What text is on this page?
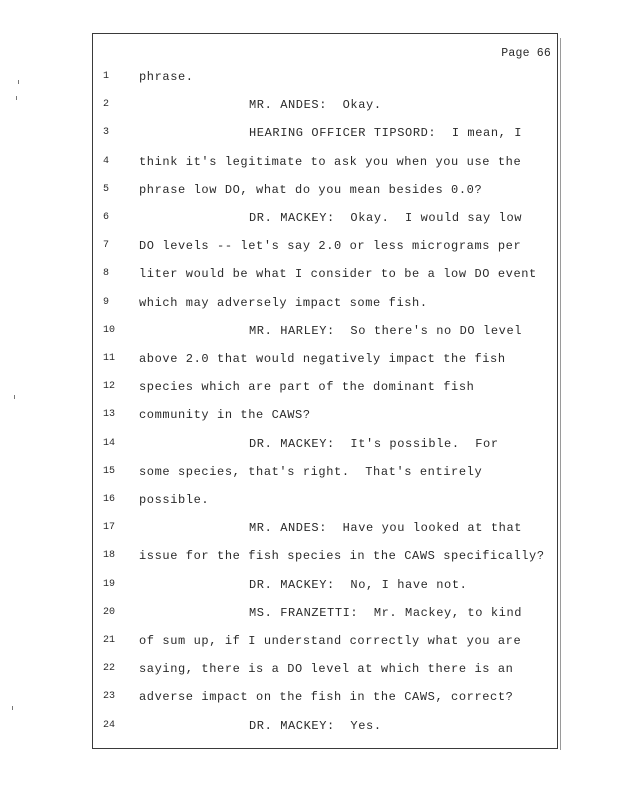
Page 66
1	phrase.
2	MR. ANDES:  Okay.
3	HEARING OFFICER TIPSORD:  I mean, I
4	think it's legitimate to ask you when you use the
5	phrase low DO, what do you mean besides 0.0?
6	DR. MACKEY:  Okay.  I would say low
7	DO levels -- let's say 2.0 or less micrograms per
8	liter would be what I consider to be a low DO event
9	which may adversely impact some fish.
10	MR. HARLEY:  So there's no DO level
11	above 2.0 that would negatively impact the fish
12	species which are part of the dominant fish
13	community in the CAWS?
14	DR. MACKEY:  It's possible.  For
15	some species, that's right.  That's entirely
16	possible.
17	MR. ANDES:  Have you looked at that
18	issue for the fish species in the CAWS specifically?
19	DR. MACKEY:  No, I have not.
20	MS. FRANZETTI:  Mr. Mackey, to kind
21	of sum up, if I understand correctly what you are
22	saying, there is a DO level at which there is an
23	adverse impact on the fish in the CAWS, correct?
24	DR. MACKEY:  Yes.
